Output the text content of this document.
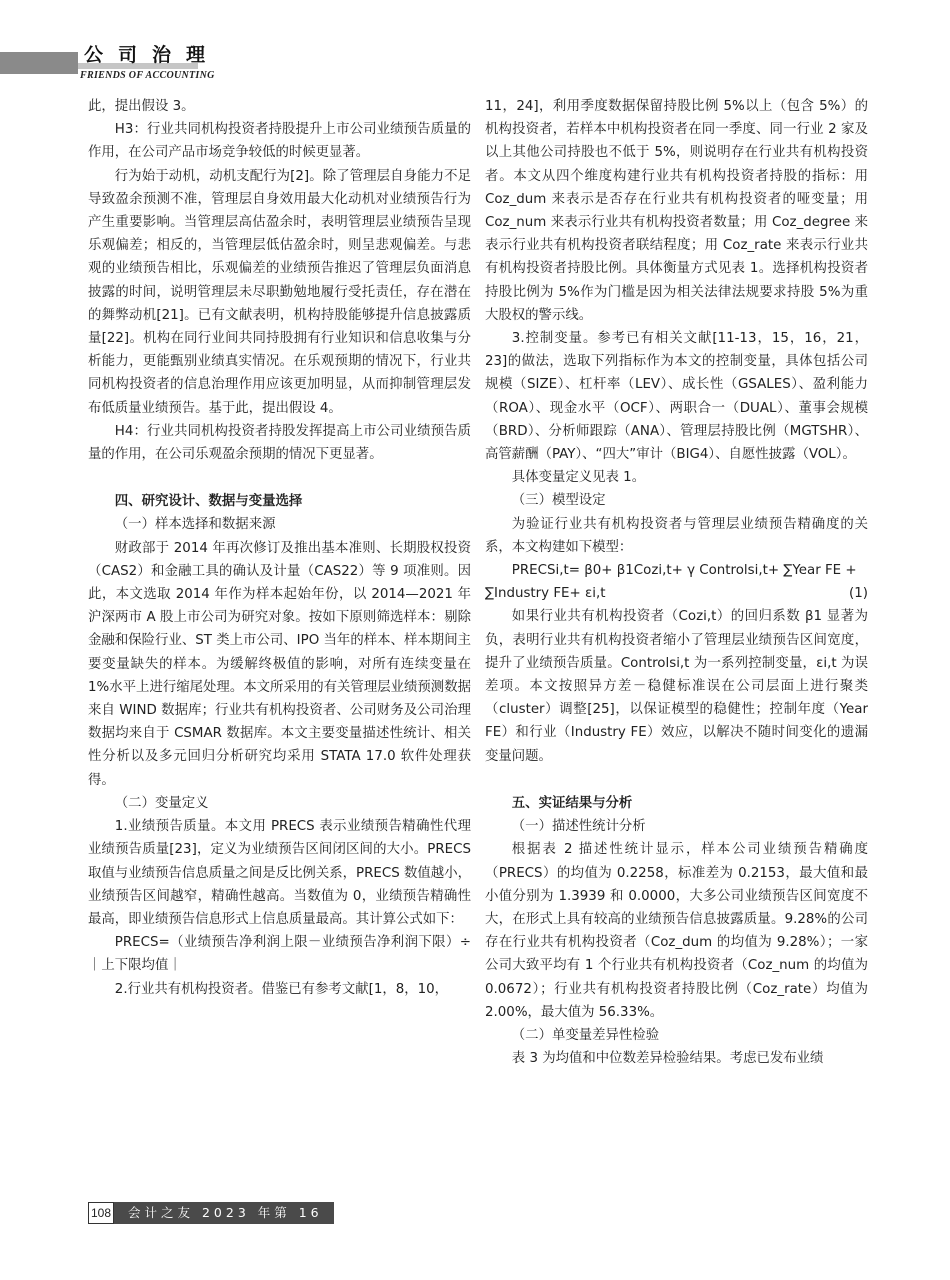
公司治理
FRIENDS OF ACCOUNTING

此，提出假设 3。

H3：行业共同机构投资者持股提升上市公司业绩预告质量的作用，在公司产品市场竞争较低的时候更显著。

行为始于动机，动机支配行为[2]。除了管理层自身能力不足导致盈余预测不准，管理层自身效用最大化动机对业绩预告行为产生重要影响。当管理层高估盈余时，表明管理层业绩预告呈现乐观偏差；相反的，当管理层低估盈余时，则呈悲观偏差。与悲观的业绩预告相比，乐观偏差的业绩预告推迟了管理层负面消息披露的时间，说明管理层未尽职勤勉地履行受托责任，存在潜在的舞弊动机[21]。已有文献表明，机构持股能够提升信息披露质量[22]。机构在同行业间共同持股拥有行业知识和信息收集与分析能力，更能甄别业绩真实情况。在乐观预期的情况下，行业共同机构投资者的信息治理作用应该更加明显，从而抑制管理层发布低质量业绩预告。基于此，提出假设 4。

H4：行业共同机构投资者持股发挥提高上市公司业绩预告质量的作用，在公司乐观盈余预期的情况下更显著。

四、研究设计、数据与变量选择

（一）样本选择和数据来源

财政部于 2014 年再次修订及推出基本准则、长期股权投资（CAS2）和金融工具的确认及计量（CAS22）等 9 项准则。因此，本文选取 2014 年作为样本起始年份，以 2014—2021 年沪深两市 A 股上市公司为研究对象。按如下原则筛选样本：剔除金融和保险行业、ST 类上市公司、IPO 当年的样本、样本期间主要变量缺失的样本。为缓解终极值的影响，对所有连续变量在 1%水平上进行缩尾处理。本文所采用的有关管理层业绩预测数据来自 WIND 数据库；行业共有机构投资者、公司财务及公司治理数据均来自于 CSMAR 数据库。本文主要变量描述性统计、相关性分析以及多元回归分析研究均采用 STATA 17.0 软件处理获得。

（二）变量定义

1.业绩预告质量。本文用 PRECS 表示业绩预告精确性代理业绩预告质量[23]，定义为业绩预告区间闭区间的大小。PRECS 取值与业绩预告信息质量之间是反比例关系，PRECS 数值越小，业绩预告区间越窄，精确性越高。当数值为 0，业绩预告精确性最高，即业绩预告信息形式上信息质量最高。其计算公式如下：

PRECS=（业绩预告净利润上限－业绩预告净利润下限）÷｜上下限均值｜

2.行业共有机构投资者。借鉴已有参考文献[1，8，10，

11，24]，利用季度数据保留持股比例 5%以上（包含 5%）的机构投资者，若样本中机构投资者在同一季度、同一行业 2 家及以上其他公司持股也不低于 5%，则说明存在行业共有机构投资者。本文从四个维度构建行业共有机构投资者持股的指标：用 Coz_dum 来表示是否存在行业共有机构投资者的哑变量；用 Coz_num 来表示行业共有机构投资者数量；用 Coz_degree 来表示行业共有机构投资者联结程度；用 Coz_rate 来表示行业共有机构投资者持股比例。具体衡量方式见表 1。选择机构投资者持股比例为 5%作为门槛是因为相关法律法规要求持股 5%为重大股权的警示线。

3.控制变量。参考已有相关文献[11-13，15，16，21，23]的做法，选取下列指标作为本文的控制变量，具体包括公司规模（SIZE）、杠杆率（LEV）、成长性（GSALES）、盈利能力（ROA）、现金水平（OCF）、两职合一（DUAL）、董事会规模（BRD）、分析师跟踪（ANA）、管理层持股比例（MGTSHR）、高管薪酬（PAY）、“四大”审计（BIG4）、自愿性披露（VOL）。

具体变量定义见表 1。

（三）模型设定

为验证行业共有机构投资者与管理层业绩预告精确度的关系，本文构建如下模型：

PRECSi,t= β0+ β1Cozi,t+ γ Controlsi,t+ ∑Year FE +

∑Industry FE+ εi,t	(1)

如果行业共有机构投资者（Cozi,t）的回归系数 β1 显著为负，表明行业共有机构投资者缩小了管理层业绩预告区间宽度，提升了业绩预告质量。Controlsi,t 为一系列控制变量，εi,t 为误差项。本文按照异方差－稳健标准误在公司层面上进行聚类（cluster）调整[25]，以保证模型的稳健性；控制年度（Year FE）和行业（Industry FE）效应，以解决不随时间变化的遗漏变量问题。

五、实证结果与分析

（一）描述性统计分析

根据表 2 描述性统计显示，样本公司业绩预告精确度（PRECS）的均值为 0.2258，标准差为 0.2153，最大值和最小值分别为 1.3939 和 0.0000，大多公司业绩预告区间宽度不大，在形式上具有较高的业绩预告信息披露质量。9.28%的公司存在行业共有机构投资者（Coz_dum 的均值为 9.28%）；一家公司大致平均有 1 个行业共有机构投资者（Coz_num 的均值为 0.0672）；行业共有机构投资者持股比例（Coz_rate）均值为 2.00%，最大值为 56.33%。

（二）单变量差异性检验

表 3 为均值和中位数差异检验结果。考虑已发布业绩

108	会计之友 2023 年第 16 期
